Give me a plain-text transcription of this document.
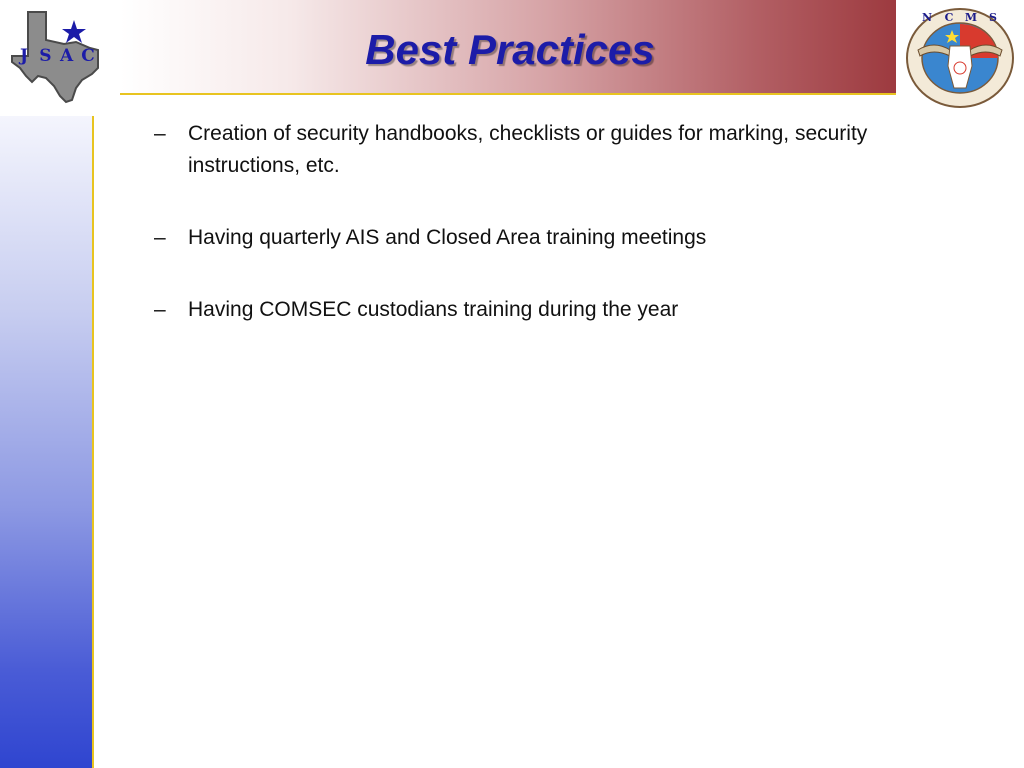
J S A C
N C M S
Best Practices
– Creation of security handbooks, checklists or guides for marking, security instructions, etc.
– Having quarterly AIS and Closed Area training meetings
– Having COMSEC custodians training during the year
